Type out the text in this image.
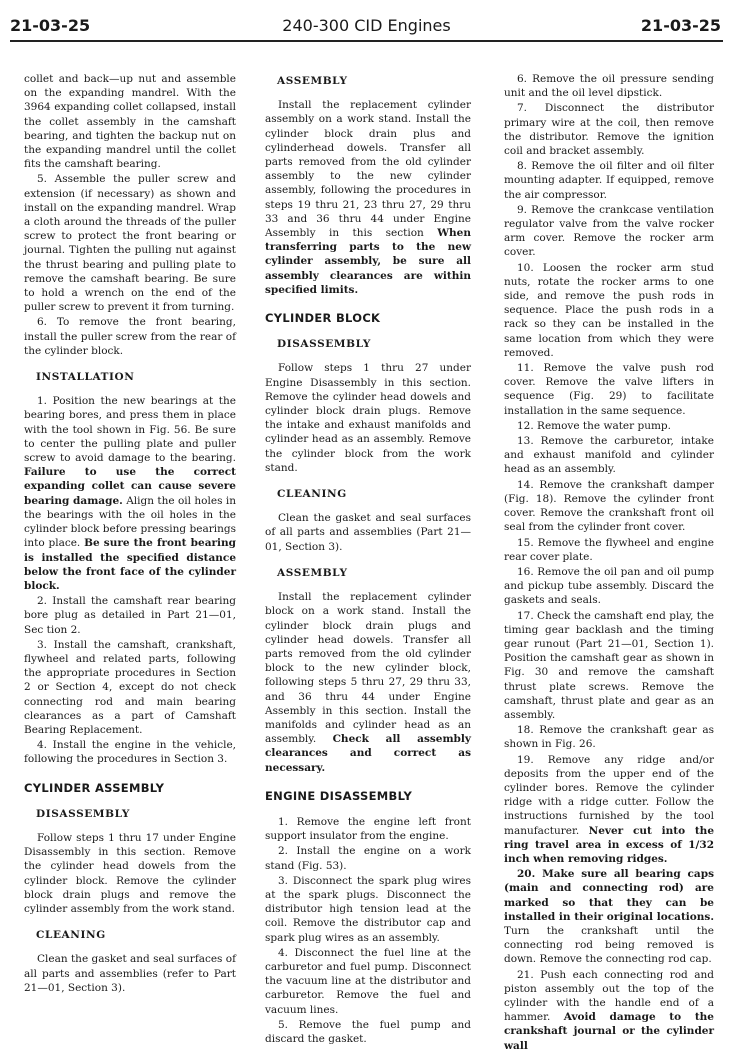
21-03-25	240-300 CID Engines	21-03-25

collet and back—up nut and assemble on the expanding mandrel. With the 3964 expanding collet collapsed, install the collet assembly in the camshaft bearing, and tighten the backup nut on the expanding mandrel until the collet fits the camshaft bearing.

5. Assemble the puller screw and extension (if necessary) as shown and install on the expanding mandrel. Wrap a cloth around the threads of the puller screw to protect the front bearing or journal. Tighten the pulling nut against the thrust bearing and pulling plate to remove the camshaft bearing. Be sure to hold a wrench on the end of the puller screw to prevent it from turning.

6. To remove the front bearing, install the puller screw from the rear of the cylinder block.

INSTALLATION

1. Position the new bearings at the bearing bores, and press them in place with the tool shown in Fig. 56. Be sure to center the pulling plate and puller screw to avoid damage to the bearing. Failure to use the correct expanding collet can cause severe bearing damage. Align the oil holes in the bearings with the oil holes in the cylinder block before pressing bearings into place. Be sure the front bearing is installed the specified distance below the front face of the cylinder block.

2. Install the camshaft rear bearing bore plug as detailed in Part 21—01, Sec tion 2.

3. Install the camshaft, crankshaft, flywheel and related parts, following the appropriate procedures in Section 2 or Section 4, except do not check connecting rod and main bearing clearances as a part of Camshaft Bearing Replacement.

4. Install the engine in the vehicle, following the procedures in Section 3.

CYLINDER ASSEMBLY
DISASSEMBLY

Follow steps 1 thru 17 under Engine Disassembly in this section. Remove the cylinder head dowels from the cylinder block. Remove the cylinder block drain plugs and remove the cylinder assembly from the work stand.

CLEANING

Clean the gasket and seal surfaces of all parts and assemblies (refer to Part 21—01, Section 3).

ASSEMBLY

Install the replacement cylinder assembly on a work stand. Install the cylinder block drain plus and cylinderhead dowels. Transfer all parts removed from the old cylinder assembly to the new cylinder assembly, following the procedures in steps 19 thru 21, 23 thru 27, 29 thru 33 and 36 thru 44 under Engine Assembly in this section When transferring parts to the new cylinder assembly, be sure all assembly clearances are within specified limits.

CYLINDER BLOCK
DISASSEMBLY

Follow steps 1 thru 27 under Engine Disassembly in this section. Remove the cylinder head dowels and cylinder block drain plugs. Remove the intake and exhaust manifolds and cylinder head as an assembly. Remove the cylinder block from the work stand.

CLEANING

Clean the gasket and seal surfaces of all parts and assemblies (Part 21—01, Section 3).

ASSEMBLY

Install the replacement cylinder block on a work stand. Install the cylinder block drain plugs and cylinder head dowels. Transfer all parts removed from the old cylinder block to the new cylinder block, following steps 5 thru 27, 29 thru 33, and 36 thru 44 under Engine Assembly in this section. Install the manifolds and cylinder head as an assembly. Check all assembly clearances and correct as necessary.

ENGINE DISASSEMBLY

1. Remove the engine left front support insulator from the engine.

2. Install the engine on a work stand (Fig. 53).

3. Disconnect the spark plug wires at the spark plugs. Disconnect the distributor high tension lead at the coil. Remove the distributor cap and spark plug wires as an assembly.

4. Disconnect the fuel line at the carburetor and fuel pump. Disconnect the vacuum line at the distributor and carburetor. Remove the fuel and vacuum lines.

5. Remove the fuel pump and discard the gasket.

6. Remove the oil pressure sending unit and the oil level dipstick.

7. Disconnect the distributor primary wire at the coil, then remove the distributor. Remove the ignition coil and bracket assembly.

8. Remove the oil filter and oil filter mounting adapter. If equipped, remove the air compressor.

9. Remove the crankcase ventilation regulator valve from the valve rocker arm cover. Remove the rocker arm cover.

10. Loosen the rocker arm stud nuts, rotate the rocker arms to one side, and remove the push rods in sequence. Place the push rods in a rack so they can be installed in the same location from which they were removed.

11. Remove the valve push rod cover. Remove the valve lifters in sequence (Fig. 29) to facilitate installation in the same sequence.

12. Remove the water pump.

13. Remove the carburetor, intake and exhaust manifold and cylinder head as an assembly.

14. Remove the crankshaft damper (Fig. 18). Remove the cylinder front cover. Remove the crankshaft front oil seal from the cylinder front cover.

15. Remove the flywheel and engine rear cover plate.

16. Remove the oil pan and oil pump and pickup tube assembly. Discard the gaskets and seals.

17. Check the camshaft end play, the timing gear backlash and the timing gear runout (Part 21—01, Section 1). Position the camshaft gear as shown in Fig. 30 and remove the camshaft thrust plate screws. Remove the camshaft, thrust plate and gear as an assembly.

18. Remove the crankshaft gear as shown in Fig. 26.

19. Remove any ridge and/or deposits from the upper end of the cylinder bores. Remove the cylinder ridge with a ridge cutter. Follow the instructions furnished by the tool manufacturer. Never cut into the ring travel area in excess of 1/32 inch when removing ridges.

20. Make sure all bearing caps (main and connecting rod) are marked so that they can be installed in their original locations. Turn the crankshaft until the connecting rod being removed is down. Remove the connecting rod cap.

21. Push each connecting rod and piston assembly out the top of the cylinder with the handle end of a hammer. Avoid damage to the crankshaft journal or the cylinder wall
